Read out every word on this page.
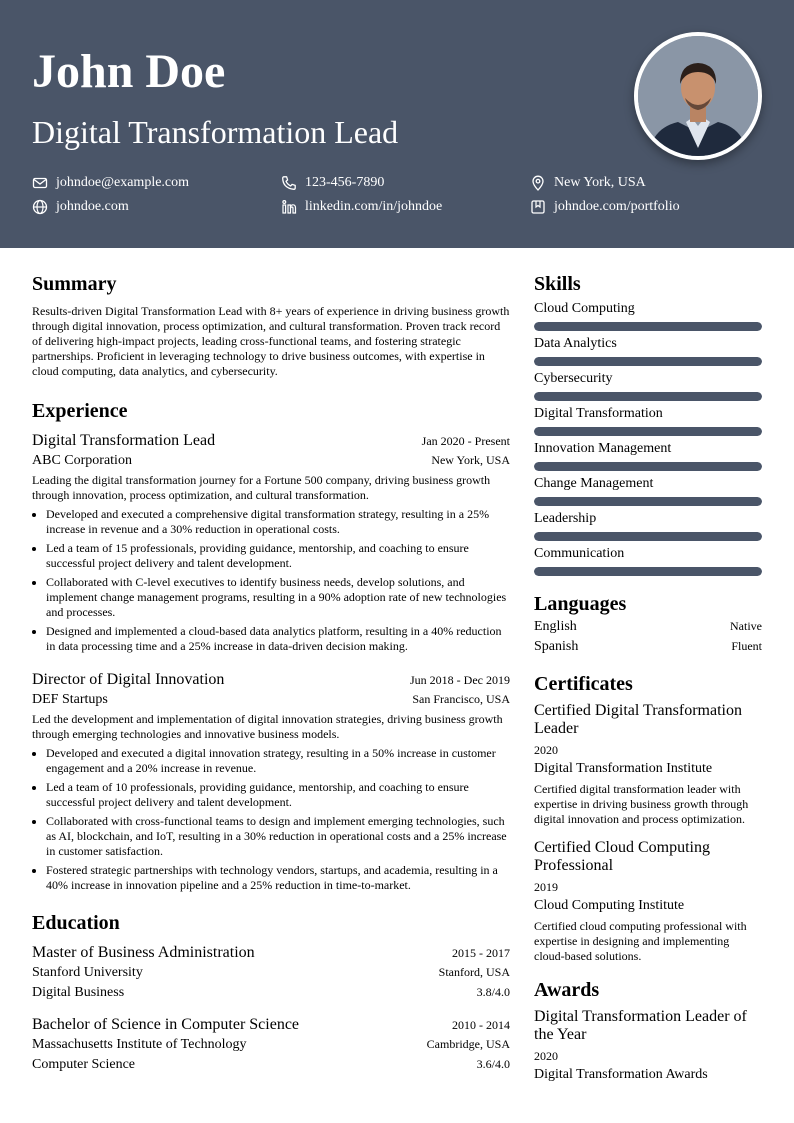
John Doe
Digital Transformation Lead
johndoe@example.com	123-456-7890	New York, USA
johndoe.com	linkedin.com/in/johndoe	johndoe.com/portfolio
Summary
Results-driven Digital Transformation Lead with 8+ years of experience in driving business growth through digital innovation, process optimization, and cultural transformation. Proven track record of delivering high-impact projects, leading cross-functional teams, and fostering strategic partnerships. Proficient in leveraging technology to drive business outcomes, with expertise in cloud computing, data analytics, and cybersecurity.
Experience
Digital Transformation Lead	Jan 2020 - Present
ABC Corporation	New York, USA
Leading the digital transformation journey for a Fortune 500 company, driving business growth through innovation, process optimization, and cultural transformation.
• Developed and executed a comprehensive digital transformation strategy, resulting in a 25% increase in revenue and a 30% reduction in operational costs.
• Led a team of 15 professionals, providing guidance, mentorship, and coaching to ensure successful project delivery and talent development.
• Collaborated with C-level executives to identify business needs, develop solutions, and implement change management programs, resulting in a 90% adoption rate of new technologies and processes.
• Designed and implemented a cloud-based data analytics platform, resulting in a 40% reduction in data processing time and a 25% increase in data-driven decision making.
Director of Digital Innovation	Jun 2018 - Dec 2019
DEF Startups	San Francisco, USA
Led the development and implementation of digital innovation strategies, driving business growth through emerging technologies and innovative business models.
• Developed and executed a digital innovation strategy, resulting in a 50% increase in customer engagement and a 20% increase in revenue.
• Led a team of 10 professionals, providing guidance, mentorship, and coaching to ensure successful project delivery and talent development.
• Collaborated with cross-functional teams to design and implement emerging technologies, such as AI, blockchain, and IoT, resulting in a 30% reduction in operational costs and a 25% increase in customer satisfaction.
• Fostered strategic partnerships with technology vendors, startups, and academia, resulting in a 40% increase in innovation pipeline and a 25% reduction in time-to-market.
Education
Master of Business Administration	2015 - 2017
Stanford University	Stanford, USA
Digital Business	3.8/4.0
Bachelor of Science in Computer Science	2010 - 2014
Massachusetts Institute of Technology	Cambridge, USA
Computer Science	3.6/4.0
Skills
Cloud Computing
Data Analytics
Cybersecurity
Digital Transformation
Innovation Management
Change Management
Leadership
Communication
Languages
English	Native
Spanish	Fluent
Certificates
Certified Digital Transformation Leader
2020
Digital Transformation Institute
Certified digital transformation leader with expertise in driving business growth through digital innovation and process optimization.
Certified Cloud Computing Professional
2019
Cloud Computing Institute
Certified cloud computing professional with expertise in designing and implementing cloud-based solutions.
Awards
Digital Transformation Leader of the Year
2020
Digital Transformation Awards
